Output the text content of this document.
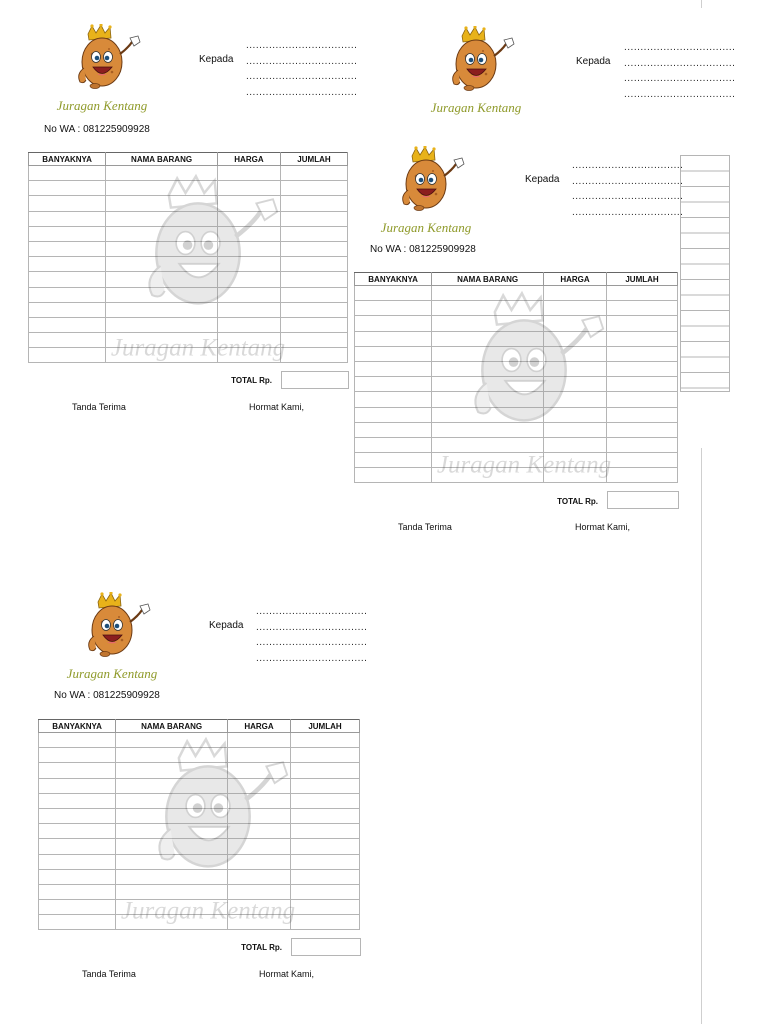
Juragan Kentang
Kepada
..................................
..................................
..................................
..................................
No WA : 081225909928
BANYAKNYA	NAMA BARANG	HARGA	JUMLAH

Juragan Kentang
TOTAL Rp.
Tanda Terima	Hormat Kami,
Juragan Kentang
Kepada
..................................
..................................
..................................
..................................
Juragan Kentang
Kepada
..................................
..................................
..................................
..................................
No WA : 081225909928
BANYAKNYA	NAMA BARANG	HARGA	JUMLAH

Juragan Kentang
TOTAL Rp.
Tanda Terima	Hormat Kami,
Juragan Kentang
Kepada
..................................
..................................
..................................
..................................
No WA : 081225909928
BANYAKNYA	NAMA BARANG	HARGA	JUMLAH

Juragan Kentang
TOTAL Rp.
Tanda Terima	Hormat Kami,
